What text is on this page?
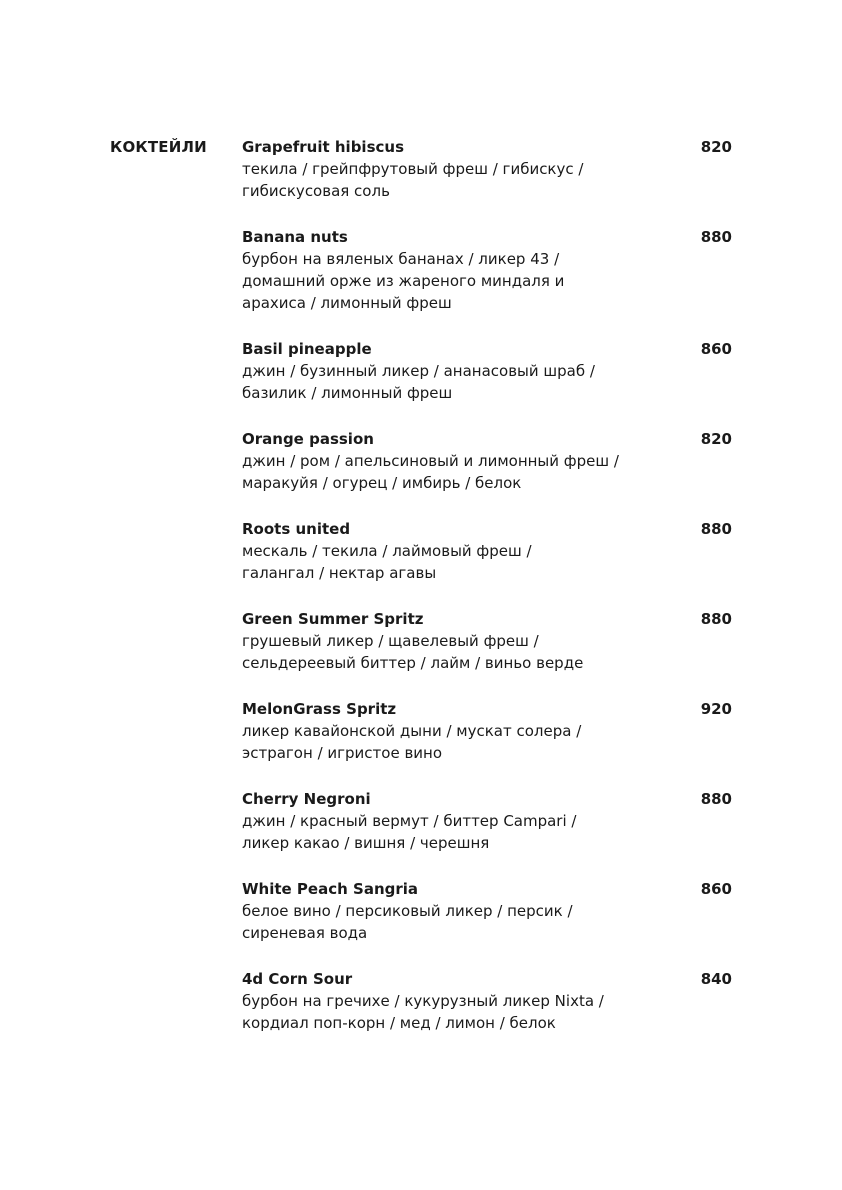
КОКТЕЙЛИ Grapefruit hibiscus	820
текила / грейпфрутовый фреш / гибискус /
гибискусовая соль
Banana nuts	880
бурбон на вяленых бананах / ликер 43 /
домашний орже из жареного миндаля и
арахиса / лимонный фреш
Basil pineapple	860
джин / бузинный ликер / ананасовый шраб /
базилик / лимонный фреш
Orange passion	820
джин / ром / апельсиновый и лимонный фреш /
маракуйя / огурец / имбирь / белок
Roots united	880
мескаль / текила / лаймовый фреш /
галангал / нектар агавы
Green Summer Spritz	880
грушевый ликер / щавелевый фреш /
сельдереевый биттер / лайм / виньо верде
MelonGrass Spritz	920
ликер кавайонской дыни / мускат солера /
эстрагон / игристое вино
Cherry Negroni	880
джин / красный вермут / биттер Campari /
ликер какао / вишня / черешня
White Peach Sangria	860
белое вино / персиковый ликер / персик /
сиреневая вода
4d Corn Sour	840
бурбон на гречихе / кукурузный ликер Nixta /
кордиал поп-корн / мед / лимон / белок
